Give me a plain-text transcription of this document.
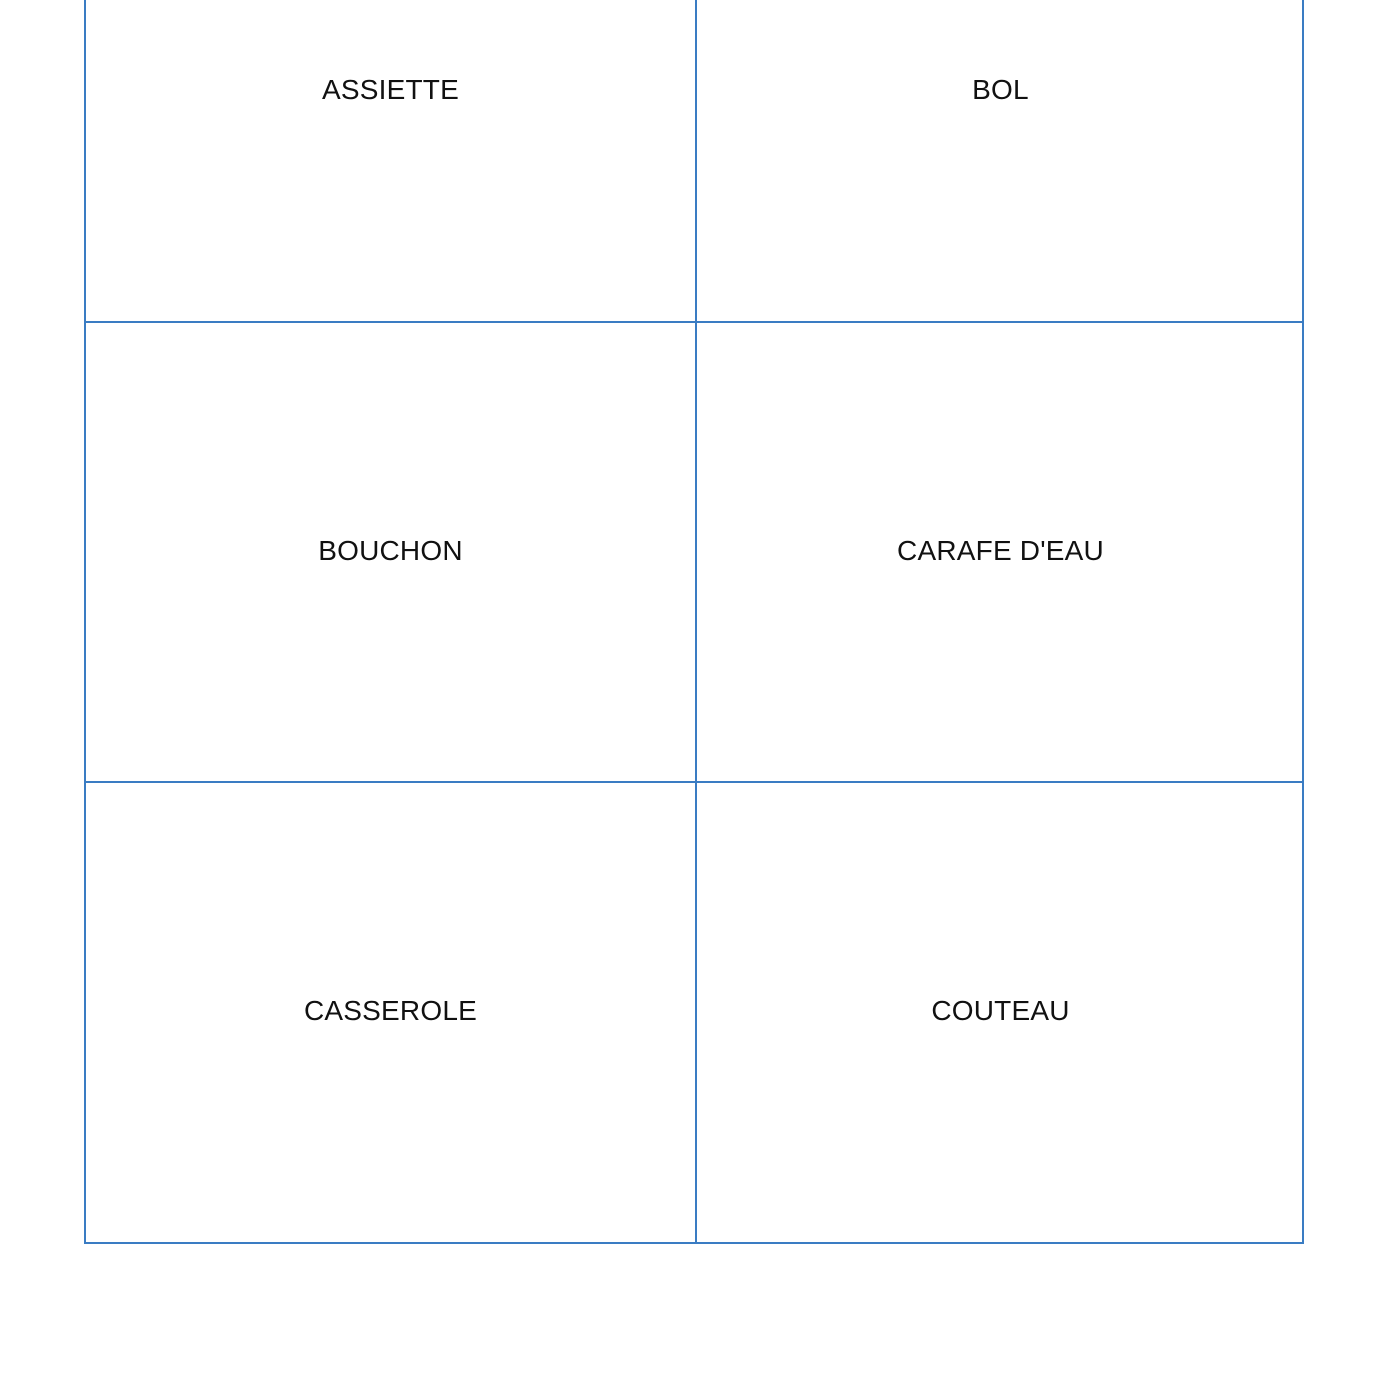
ASSIETTE	BOL
BOUCHON	CARAFE D'EAU
CASSEROLE	COUTEAU
